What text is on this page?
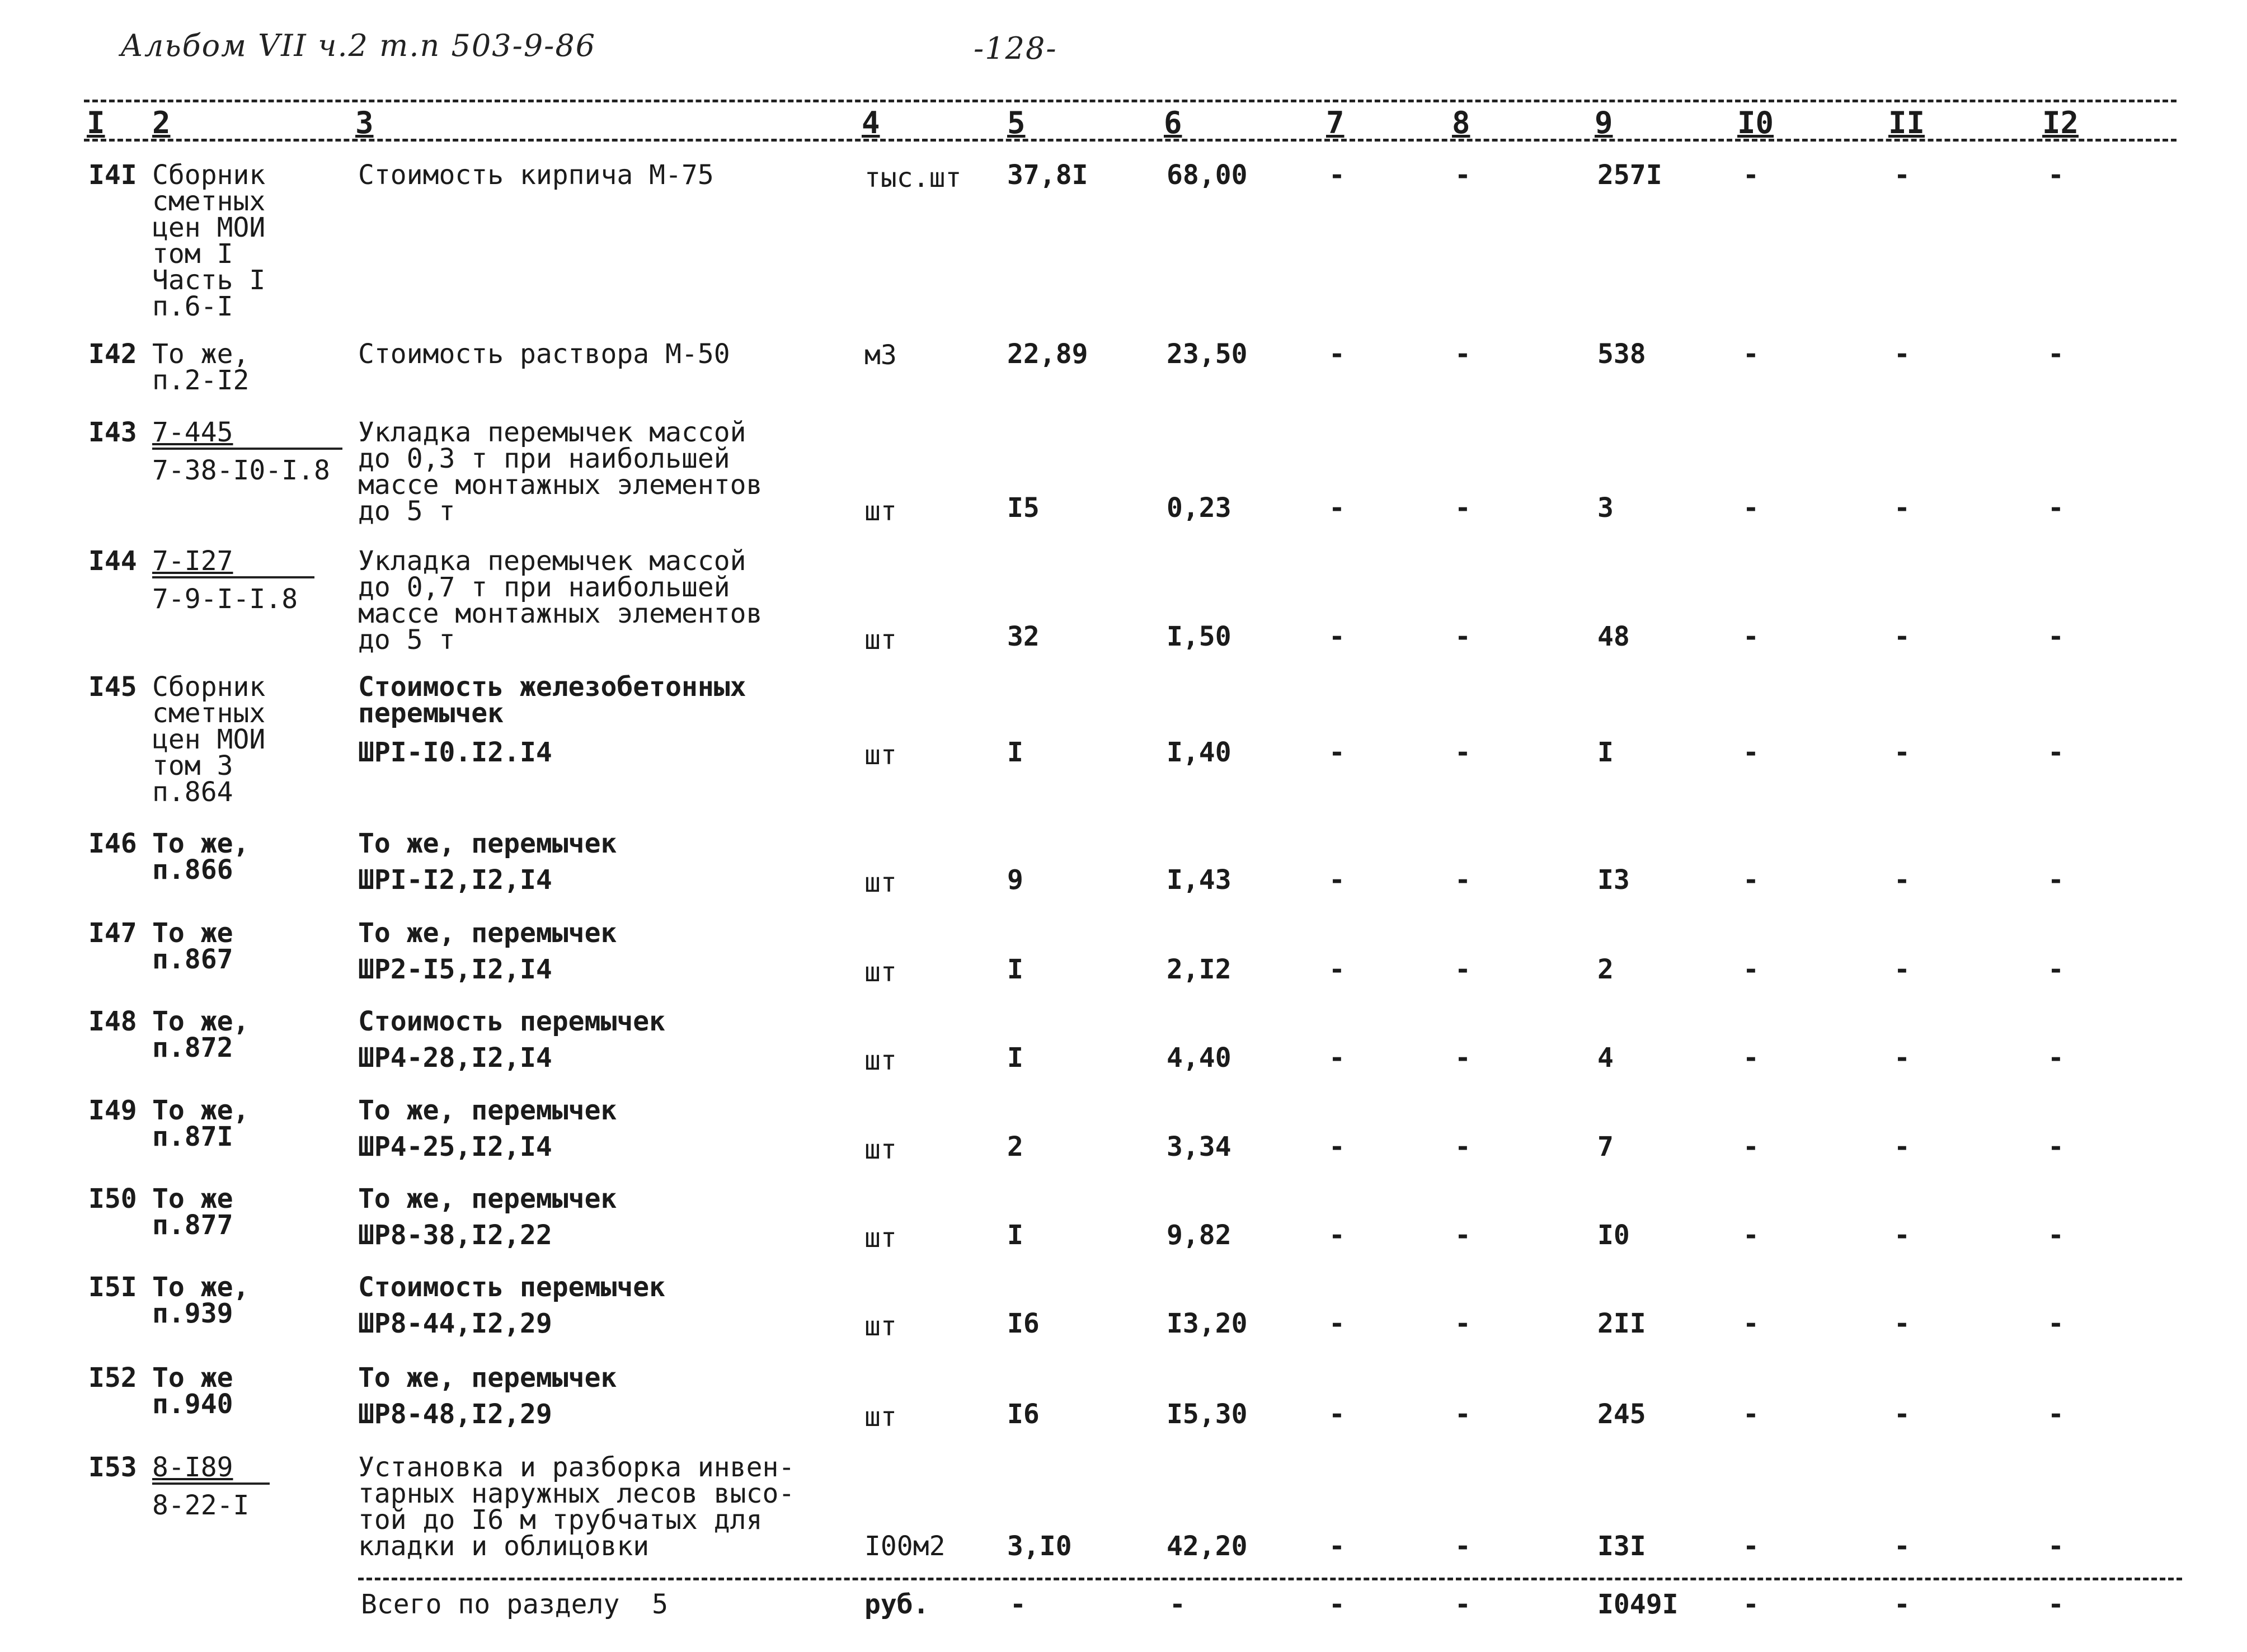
Альбом VII ч.2 т.п 503-9-86	-128-
I 2	3	4	5	6	7	8	9	I0	II	I2
I4I Сборник
сметных
цен МОИ
том I
Часть I
п.6-I
Стоимость кирпича М-75	тыс.шт 37,8I	68,00	-	-	257I	-	-	-
I42 То же,
п.2-I2
Стоимость раствора М-50	м3	22,89	23,50	-	-	538	-	-	-
I43 7-445
7-38-I0-I.8
Укладка перемычек массой
до 0,3 т при наибольшей
массе монтажных элементов
до 5 т	шт	I5	0,23	-	-	3	-	-	-
I44 7-I27
7-9-I-I.8
Укладка перемычек массой
до 0,7 т при наибольшей
массе монтажных элементов
до 5 т	шт	32	I,50	-	-	48	-	-	-
I45 Сборник
сметных
цен МОИ
том 3
п.864
Стоимость железобетонных
перемычек
ШРI-I0.I2.I4	шт	I	I,40	-	-	I	-	-	-
I46 То же,
п.866
То же, перемычек
ШРI-I2,I2,I4	шт	9	I,43	-	-	I3	-	-	-
I47 То же
п.867
То же, перемычек
ШР2-I5,I2,I4	шт	I	2,I2	-	-	2	-	-	-
I48 То же,
п.872
Стоимость перемычек
ШР4-28,I2,I4	шт	I	4,40	-	-	4	-	-	-
I49 То же,
п.87I
То же, перемычек
ШР4-25,I2,I4	шт	2	3,34	-	-	7	-	-	-
I50 То же
п.877
То же, перемычек
ШР8-38,I2,22	шт	I	9,82	-	-	I0	-	-	-
I5I То же,
п.939
Стоимость перемычек
ШР8-44,I2,29	шт	I6	I3,20	-	-	2II	-	-	-
I52 То же
п.940
То же, перемычек
ШР8-48,I2,29	шт	I6	I5,30	-	-	245	-	-	-
I53 8-I89
8-22-I
Установка и разборка инвен-
тарных наружных лесов высо-
той до I6 м трубчатых для
кладки и облицовки	I00м2 3,I0	42,20	-	-	I3I	-	-	-
Всего по разделу  5	руб.	-	-	-	-	I049I -	-	-
